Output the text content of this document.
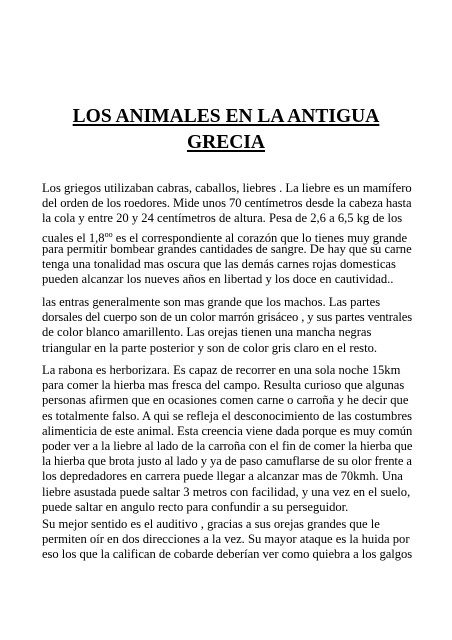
LOS ANIMALES EN LA ANTIGUA
GRECIA

Los griegos utilizaban cabras, caballos, liebres . La liebre es un mamífero
del orden de los roedores. Mide unos 70 centímetros desde la cabeza hasta
la cola y entre 20 y 24 centímetros de altura. Pesa de 2,6 a 6,5 kg de los
cuales el $1,8^{oo}$ es el correspondiente al corazón que lo tienes muy grande
para permitir bombear grandes cantidades de sangre. De hay que su carne
tenga una tonalidad mas oscura que las demás carnes rojas domesticas
pueden alcanzar los nueves años en libertad y los doce en cautividad..

las entras generalmente son mas grande que los machos. Las partes
dorsales del cuerpo son de un color marrón grisáceo , y sus partes ventrales
de color blanco amarillento. Las orejas tienen una mancha negras
triangular en la parte posterior y son de color gris claro en el resto.

La rabona es herborizara. Es capaz de recorrer en una sola noche 15km
para comer la hierba mas fresca del campo. Resulta curioso que algunas
personas afirmen que en ocasiones comen carne o carroña y he decir que
es totalmente falso. A qui se refleja el desconocimiento de las costumbres
alimenticia de este animal. Esta creencia viene dada porque es muy común
poder ver a la liebre al lado de la carroña con el fin de comer la hierba que
la hierba que brota justo al lado y ya de paso camuflarse de su olor frente a
los depredadores en carrera puede llegar a alcanzar mas de 70kmh. Una
liebre asustada puede saltar 3 metros con facilidad, y una vez en el suelo,
puede saltar en angulo recto para confundir a su perseguidor.

Su mejor sentido es el auditivo , gracias a sus orejas grandes que le
permiten oír en dos direcciones a la vez. Su mayor ataque es la huida por
eso los que la califican de cobarde deberían ver como quiebra a los galgos
